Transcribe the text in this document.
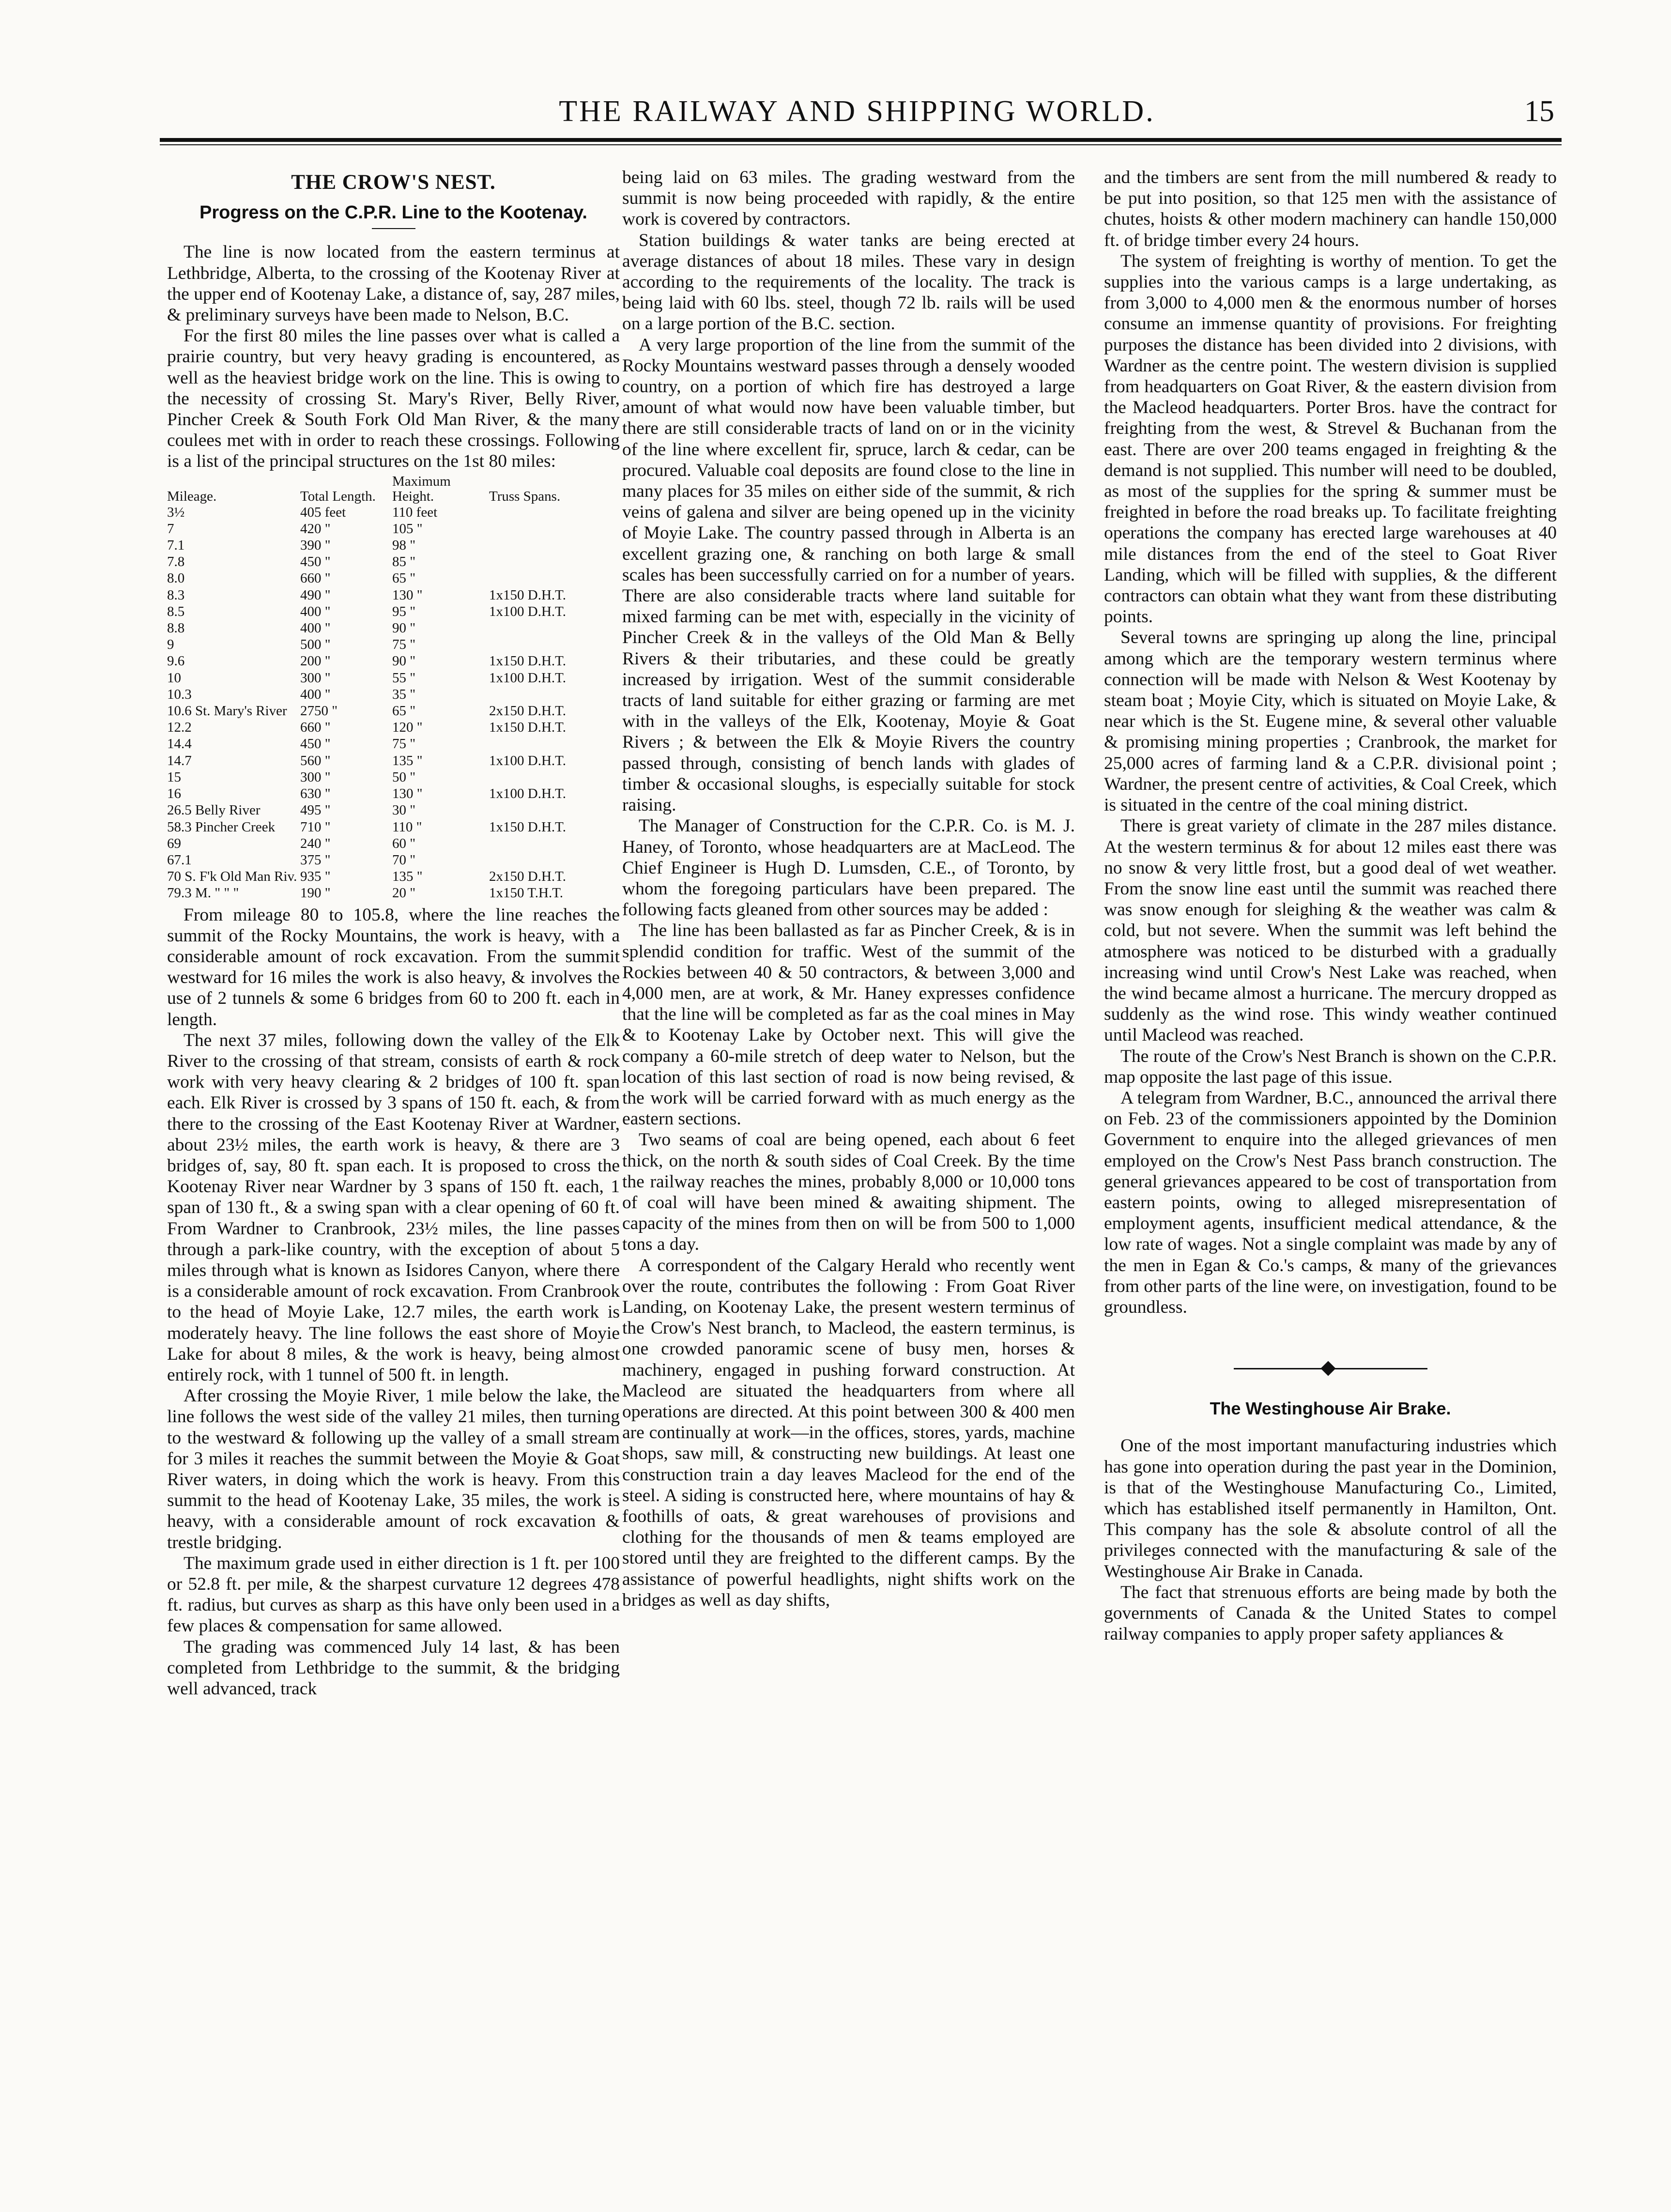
THE RAILWAY AND SHIPPING WORLD.	15
THE CROW'S NEST.
Progress on the C.P.R. Line to the Kootenay.

The line is now located from the eastern terminus at Lethbridge, Alberta, to the crossing of the Kootenay River at the upper end of Kootenay Lake, a distance of, say, 287 miles, & preliminary surveys have been made to Nelson, B.C.

For the first 80 miles the line passes over what is called a prairie country, but very heavy grading is encountered, as well as the heaviest bridge work on the line. This is owing to the necessity of crossing St. Mary's River, Belly River, Pincher Creek & South Fork Old Man River, & the many coulees met with in order to reach these crossings. Following is a list of the principal structures on the 1st 80 miles:

Mileage.	Total Length.	Maximum Height.	Truss Spans.
3½	405 feet	110 feet	
7	420 "	105 "	
7.1	390 "	98 "	
7.8	450 "	85 "	
8.0	660 "	65 "	
8.3	490 "	130 "	1x150 D.H.T.
8.5	400 "	95 "	1x100 D.H.T.
8.8	400 "	90 "	
9	500 "	75 "	
9.6	200 "	90 "	1x150 D.H.T.
10	300 "	55 "	1x100 D.H.T.
10.3	400 "	35 "	
10.6 St. Mary's River	2750 "	65 "	2x150 D.H.T.
12.2	660 "	120 "	1x150 D.H.T.
14.4	450 "	75 "	
14.7	560 "	135 "	1x100 D.H.T.
15	300 "	50 "	
16	630 "	130 "	1x100 D.H.T.
26.5 Belly River	495 "	30 "	
58.3 Pincher Creek	710 "	110 "	1x150 D.H.T.
69	240 "	60 "	
67.1	375 "	70 "	
70 S. F'k Old Man Riv.	935 "	135 "	2x150 D.H.T.
79.3 M. " " "	190 "	20 "	1x150 T.H.T.

From mileage 80 to 105.8, where the line reaches the summit of the Rocky Mountains, the work is heavy, with a considerable amount of rock excavation. From the summit westward for 16 miles the work is also heavy, & involves the use of 2 tunnels & some 6 bridges from 60 to 200 ft. each in length.

The next 37 miles, following down the valley of the Elk River to the crossing of that stream, consists of earth & rock work with very heavy clearing & 2 bridges of 100 ft. span each. Elk River is crossed by 3 spans of 150 ft. each, & from there to the crossing of the East Kootenay River at Wardner, about 23½ miles, the earth work is heavy, & there are 3 bridges of, say, 80 ft. span each. It is proposed to cross the Kootenay River near Wardner by 3 spans of 150 ft. each, 1 span of 130 ft., & a swing span with a clear opening of 60 ft. From Wardner to Cranbrook, 23½ miles, the line passes through a park-like country, with the exception of about 5 miles through what is known as Isidores Canyon, where there is a considerable amount of rock excavation. From Cranbrook to the head of Moyie Lake, 12.7 miles, the earth work is moderately heavy. The line follows the east shore of Moyie Lake for about 8 miles, & the work is heavy, being almost entirely rock, with 1 tunnel of 500 ft. in length.

After crossing the Moyie River, 1 mile below the lake, the line follows the west side of the valley 21 miles, then turning to the westward & following up the valley of a small stream for 3 miles it reaches the summit between the Moyie & Goat River waters, in doing which the work is heavy. From this summit to the head of Kootenay Lake, 35 miles, the work is heavy, with a considerable amount of rock excavation & trestle bridging.

The maximum grade used in either direction is 1 ft. per 100 or 52.8 ft. per mile, & the sharpest curvature 12 degrees 478 ft. radius, but curves as sharp as this have only been used in a few places & compensation for same allowed.

The grading was commenced July 14 last, & has been completed from Lethbridge to the summit, & the bridging well advanced, track

being laid on 63 miles. The grading westward from the summit is now being proceeded with rapidly, & the entire work is covered by contractors.

Station buildings & water tanks are being erected at average distances of about 18 miles. These vary in design according to the requirements of the locality. The track is being laid with 60 lbs. steel, though 72 lb. rails will be used on a large portion of the B.C. section.

A very large proportion of the line from the summit of the Rocky Mountains westward passes through a densely wooded country, on a portion of which fire has destroyed a large amount of what would now have been valuable timber, but there are still considerable tracts of land on or in the vicinity of the line where excellent fir, spruce, larch & cedar, can be procured. Valuable coal deposits are found close to the line in many places for 35 miles on either side of the summit, & rich veins of galena and silver are being opened up in the vicinity of Moyie Lake. The country passed through in Alberta is an excellent grazing one, & ranching on both large & small scales has been successfully carried on for a number of years. There are also considerable tracts where land suitable for mixed farming can be met with, especially in the vicinity of Pincher Creek & in the valleys of the Old Man & Belly Rivers & their tributaries, and these could be greatly increased by irrigation. West of the summit considerable tracts of land suitable for either grazing or farming are met with in the valleys of the Elk, Kootenay, Moyie & Goat Rivers ; & between the Elk & Moyie Rivers the country passed through, consisting of bench lands with glades of timber & occasional sloughs, is especially suitable for stock raising.

The Manager of Construction for the C.P.R. Co. is M. J. Haney, of Toronto, whose headquarters are at MacLeod. The Chief Engineer is Hugh D. Lumsden, C.E., of Toronto, by whom the foregoing particulars have been prepared. The following facts gleaned from other sources may be added :

The line has been ballasted as far as Pincher Creek, & is in splendid condition for traffic. West of the summit of the Rockies between 40 & 50 contractors, & between 3,000 and 4,000 men, are at work, & Mr. Haney expresses confidence that the line will be completed as far as the coal mines in May & to Kootenay Lake by October next. This will give the company a 60-mile stretch of deep water to Nelson, but the location of this last section of road is now being revised, & the work will be carried forward with as much energy as the eastern sections.

Two seams of coal are being opened, each about 6 feet thick, on the north & south sides of Coal Creek. By the time the railway reaches the mines, probably 8,000 or 10,000 tons of coal will have been mined & awaiting shipment. The capacity of the mines from then on will be from 500 to 1,000 tons a day.

A correspondent of the Calgary Herald who recently went over the route, contributes the following : From Goat River Landing, on Kootenay Lake, the present western terminus of the Crow's Nest branch, to Macleod, the eastern terminus, is one crowded panoramic scene of busy men, horses & machinery, engaged in pushing forward construction. At Macleod are situated the headquarters from where all operations are directed. At this point between 300 & 400 men are continually at work—in the offices, stores, yards, machine shops, saw mill, & constructing new buildings. At least one construction train a day leaves Macleod for the end of the steel. A siding is constructed here, where mountains of hay & foothills of oats, & great warehouses of provisions and clothing for the thousands of men & teams employed are stored until they are freighted to the different camps. By the assistance of powerful headlights, night shifts work on the bridges as well as day shifts,

and the timbers are sent from the mill numbered & ready to be put into position, so that 125 men with the assistance of chutes, hoists & other modern machinery can handle 150,000 ft. of bridge timber every 24 hours.

The system of freighting is worthy of mention. To get the supplies into the various camps is a large undertaking, as from 3,000 to 4,000 men & the enormous number of horses consume an immense quantity of provisions. For freighting purposes the distance has been divided into 2 divisions, with Wardner as the centre point. The western division is supplied from headquarters on Goat River, & the eastern division from the Macleod headquarters. Porter Bros. have the contract for freighting from the west, & Strevel & Buchanan from the east. There are over 200 teams engaged in freighting & the demand is not supplied. This number will need to be doubled, as most of the supplies for the spring & summer must be freighted in before the road breaks up. To facilitate freighting operations the company has erected large warehouses at 40 mile distances from the end of the steel to Goat River Landing, which will be filled with supplies, & the different contractors can obtain what they want from these distributing points.

Several towns are springing up along the line, principal among which are the temporary western terminus where connection will be made with Nelson & West Kootenay by steam boat ; Moyie City, which is situated on Moyie Lake, & near which is the St. Eugene mine, & several other valuable & promising mining properties ; Cranbrook, the market for 25,000 acres of farming land & a C.P.R. divisional point ; Wardner, the present centre of activities, & Coal Creek, which is situated in the centre of the coal mining district.

There is great variety of climate in the 287 miles distance. At the western terminus & for about 12 miles east there was no snow & very little frost, but a good deal of wet weather. From the snow line east until the summit was reached there was snow enough for sleighing & the weather was calm & cold, but not severe. When the summit was left behind the atmosphere was noticed to be disturbed with a gradually increasing wind until Crow's Nest Lake was reached, when the wind became almost a hurricane. The mercury dropped as suddenly as the wind rose. This windy weather continued until Macleod was reached.

The route of the Crow's Nest Branch is shown on the C.P.R. map opposite the last page of this issue.

A telegram from Wardner, B.C., announced the arrival there on Feb. 23 of the commissioners appointed by the Dominion Government to enquire into the alleged grievances of men employed on the Crow's Nest Pass branch construction. The general grievances appeared to be cost of transportation from eastern points, owing to alleged misrepresentation of employment agents, insufficient medical attendance, & the low rate of wages. Not a single complaint was made by any of the men in Egan & Co.'s camps, & many of the grievances from other parts of the line were, on investigation, found to be groundless.

The Westinghouse Air Brake.

One of the most important manufacturing industries which has gone into operation during the past year in the Dominion, is that of the Westinghouse Manufacturing Co., Limited, which has established itself permanently in Hamilton, Ont. This company has the sole & absolute control of all the privileges connected with the manufacturing & sale of the Westinghouse Air Brake in Canada.

The fact that strenuous efforts are being made by both the governments of Canada & the United States to compel railway companies to apply proper safety appliances &
